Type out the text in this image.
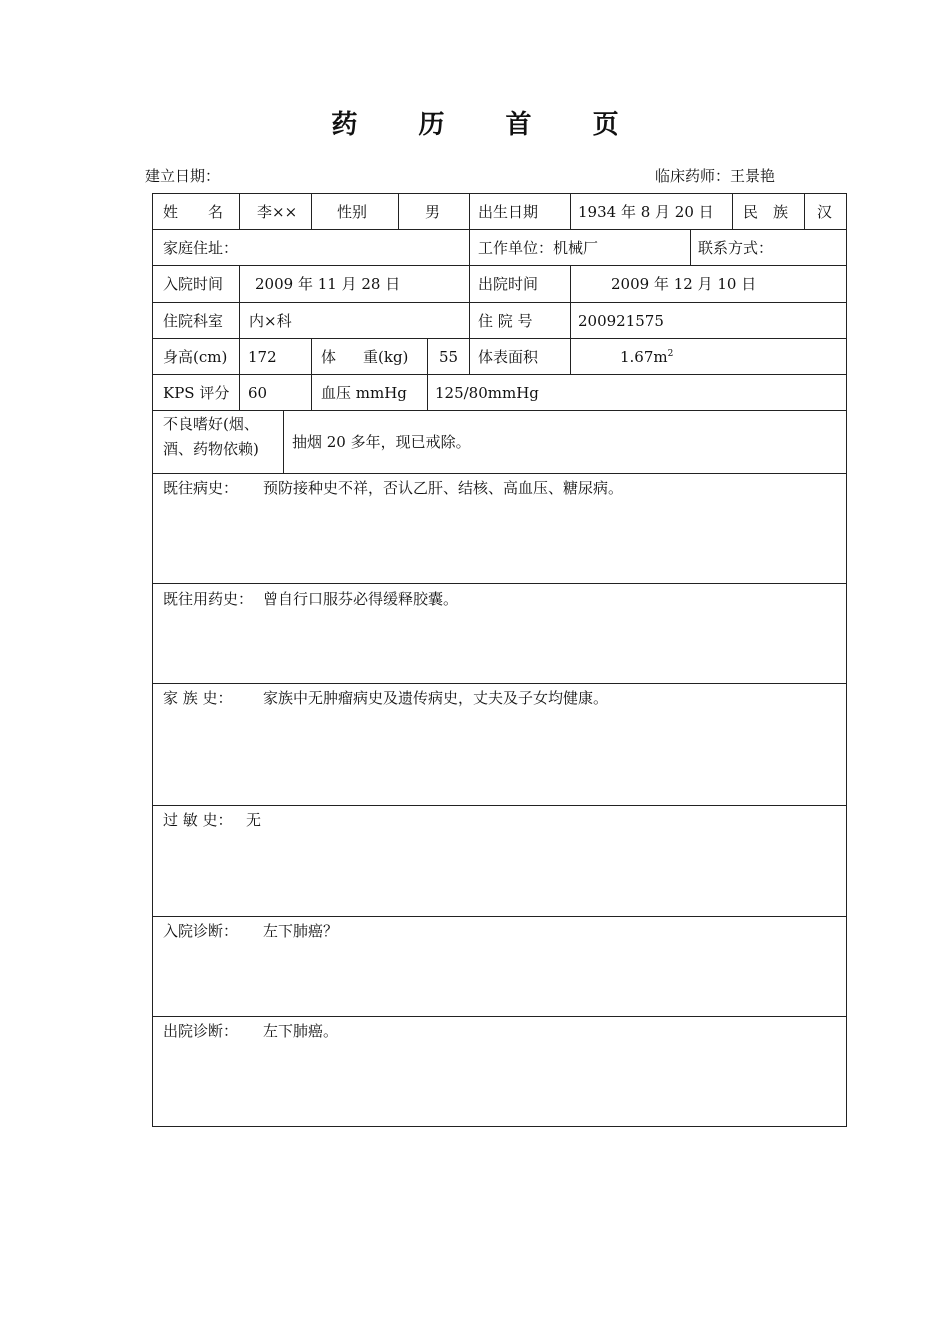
药 历 首 页
建立日期：	临床药师：王景艳
姓　　名 李××	性别	男	出生日期	1934 年 8 月 20 日 民　族 汉
家庭住址：	工作单位：机械厂	联系方式：
入院时间 2009 年 11 月 28 日	出院时间	2009 年 12 月 10 日
住院科室 内×科	住 院 号	200921575
身高(cm) 172	体 重(kg) 55 体表面积	$1.67m^2$
KPS 评分 60	血压 mmHg 125/80mmHg
不良嗜好(烟、
酒、药物依赖) 抽烟 20 多年，现已戒除。
既往病史： 预防接种史不祥，否认乙肝、结核、高血压、糖尿病。
既往用药史： 曾自行口服芬必得缓释胶囊。
家 族 史： 家族中无肿瘤病史及遗传病史，丈夫及子女均健康。
过 敏 史： 无
入院诊断： 左下肺癌？
出院诊断： 左下肺癌。
